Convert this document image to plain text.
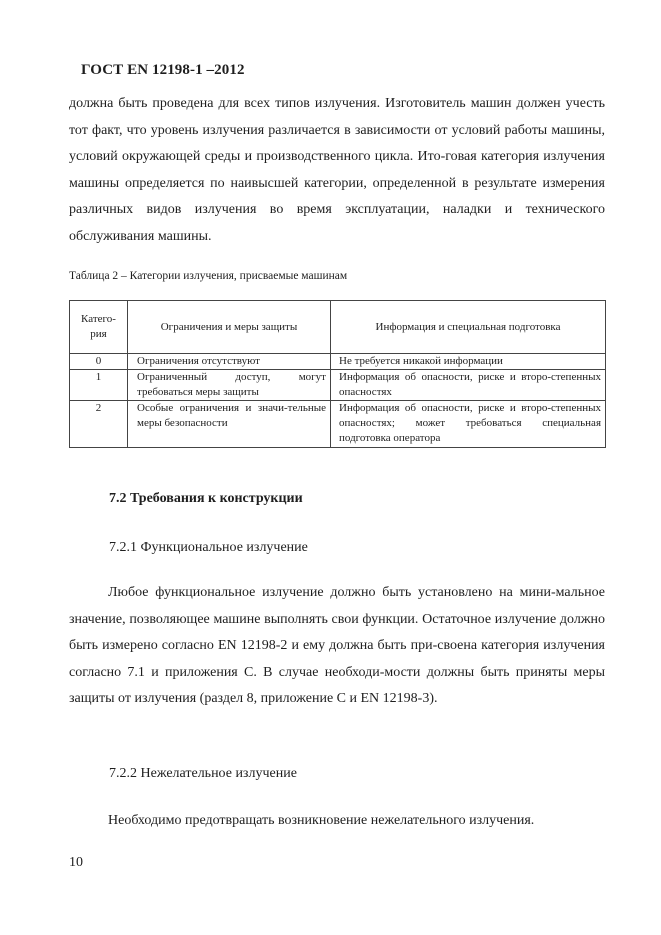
ГОСТ EN 12198-1 –2012

должна быть проведена для всех типов излучения. Изготовитель машин должен учесть тот факт, что уровень излучения различается в зависимости от условий работы машины, условий окружающей среды и производственного цикла. Ито-говая категория излучения машины определяется по наивысшей категории, определенной в результате измерения различных видов излучения во время эксплуатации, наладки и технического обслуживания машины.

Таблица 2 – Категории излучения, присваемые машинам

Катего-рия	Ограничения и меры защиты	Информация и специальная подготовка
0	Ограничения отсутствуют	Не требуется никакой информации
1	Ограниченный доступ, могут требоваться меры защиты	Информация об опасности, риске и второ-степенных опасностях
2	Особые ограничения и значи-тельные меры безопасности	Информация об опасности, риске и второ-степенных опасностях; может требоваться специальная подготовка оператора

7.2 Требования к конструкции

7.2.1 Функциональное излучение

Любое функциональное излучение должно быть установлено на мини-мальное значение, позволяющее машине выполнять свои функции. Остаточное излучение должно быть измерено согласно EN 12198-2 и ему должна быть при-своена категория излучения согласно 7.1 и приложения С. В случае необходи-мости должны быть приняты меры защиты от излучения (раздел 8, приложение С и EN 12198-3).

7.2.2 Нежелательное излучение

Необходимо предотвращать возникновение нежелательного излучения.

10
